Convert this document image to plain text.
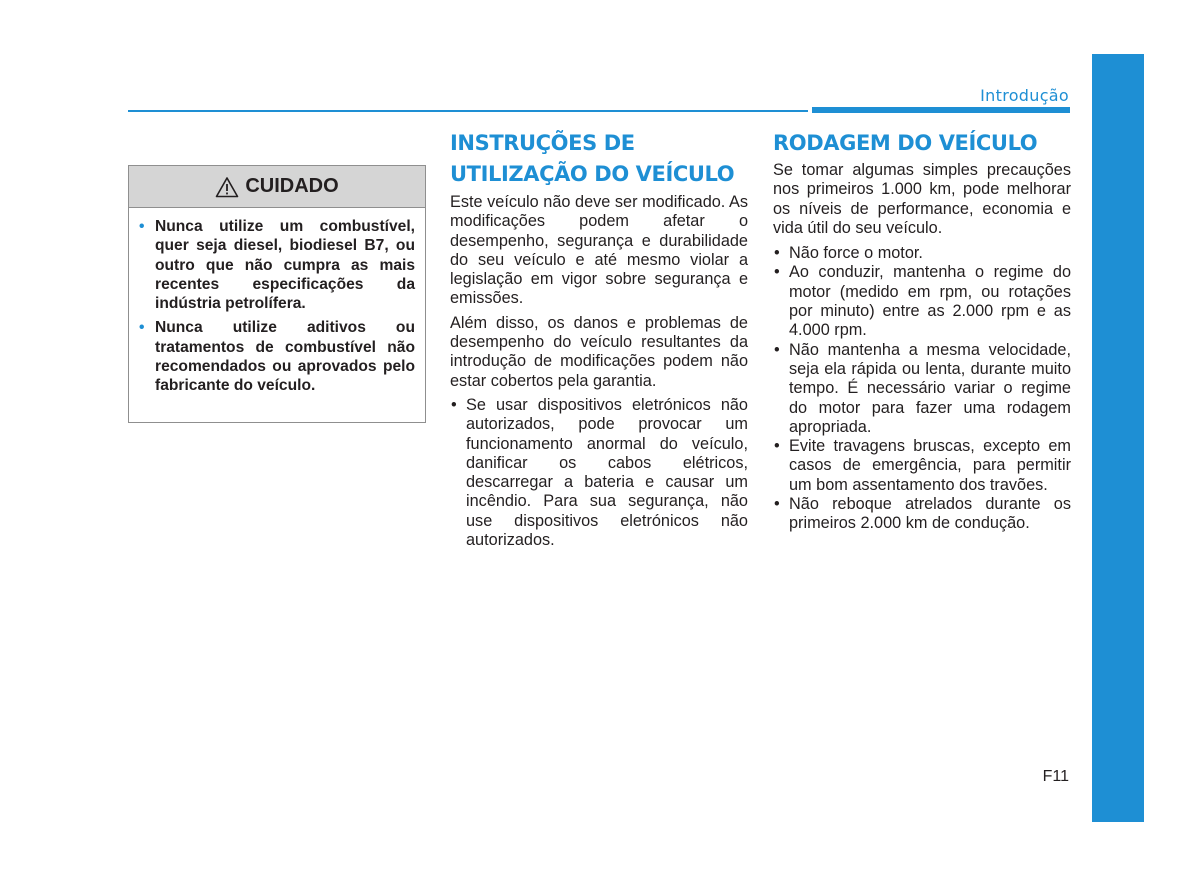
Introdução
CUIDADO
• Nunca utilize um combustível, quer seja diesel, biodiesel B7, ou outro que não cumpra as mais recentes especificações da indústria petrolífera.
• Nunca utilize aditivos ou tratamentos de combustível não recomendados ou aprovados pelo fabricante do veículo.
INSTRUÇÕES DE UTILIZAÇÃO DO VEÍCULO

Este veículo não deve ser modificado. As modificações podem afetar o desempenho, segurança e durabilidade do seu veículo e até mesmo violar a legislação em vigor sobre segurança e emissões.

Além disso, os danos e problemas de desempenho do veículo resultantes da introdução de modificações podem não estar cobertos pela garantia.

• Se usar dispositivos eletrónicos não autorizados, pode provocar um funcionamento anormal do veículo, danificar os cabos elétricos, descarregar a bateria e causar um incêndio. Para sua segurança, não use dispositivos eletrónicos não autorizados.
RODAGEM DO VEÍCULO

Se tomar algumas simples precauções nos primeiros 1.000 km, pode melhorar os níveis de performance, economia e vida útil do seu veículo.

• Não force o motor.
• Ao conduzir, mantenha o regime do motor (medido em rpm, ou rotações por minuto) entre as 2.000 rpm e as 4.000 rpm.
• Não mantenha a mesma velocidade, seja ela rápida ou lenta, durante muito tempo. É necessário variar o regime do motor para fazer uma rodagem apropriada.
• Evite travagens bruscas, excepto em casos de emergência, para permitir um bom assentamento dos travões.
• Não reboque atrelados durante os primeiros 2.000 km de condução.
F11
